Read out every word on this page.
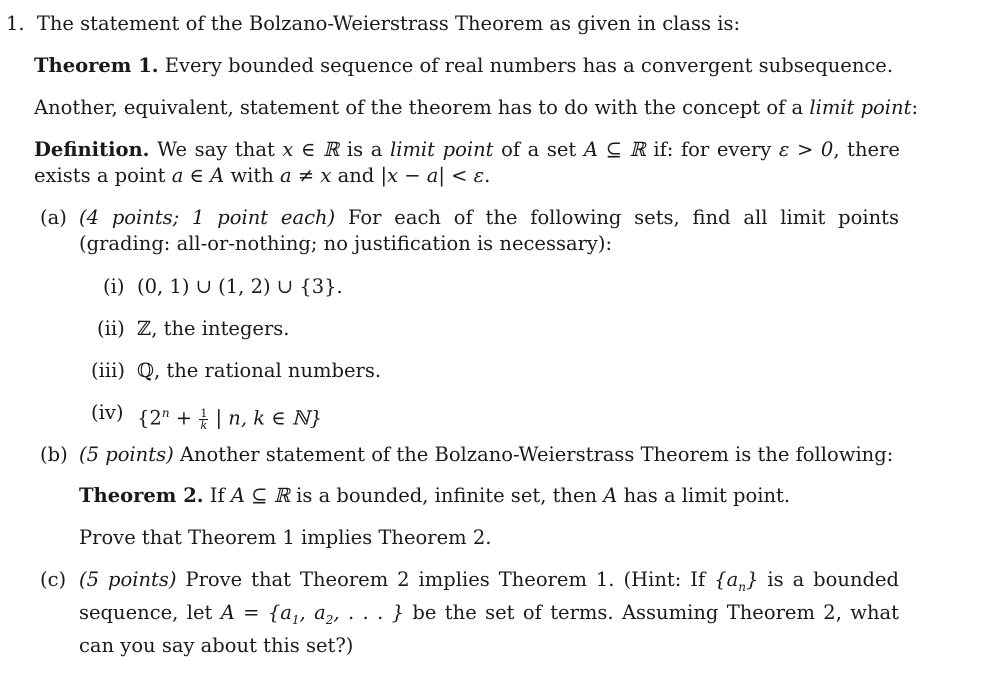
1. The statement of the Bolzano-Weierstrass Theorem as given in class is:
Theorem 1. Every bounded sequence of real numbers has a convergent subsequence.
Another, equivalent, statement of the theorem has to do with the concept of a limit point:
Definition. We say that x ∈ ℝ is a limit point of a set A ⊆ ℝ if: for every ε > 0, there exists a point a ∈ A with a ≠ x and |x − a| < ε.
(a) (4 points; 1 point each) For each of the following sets, find all limit points (grading: all-or-nothing; no justification is necessary):
(i) (0, 1) ∪ (1, 2) ∪ {3}.
(ii) ℤ, the integers.
(iii) ℚ, the rational numbers.
(iv) {$2^n + \frac{1}{k}$ | n, k ∈ ℕ}
(b) (5 points) Another statement of the Bolzano-Weierstrass Theorem is the following:
Theorem 2. If A ⊆ ℝ is a bounded, infinite set, then A has a limit point.
Prove that Theorem 1 implies Theorem 2.
(c) (5 points) Prove that Theorem 2 implies Theorem 1. (Hint: If $\{a_n\}$ is a bounded sequence, let $A = \{a_1$, $a_2$, . . . } be the set of terms. Assuming Theorem 2, what can you say about this set?)
